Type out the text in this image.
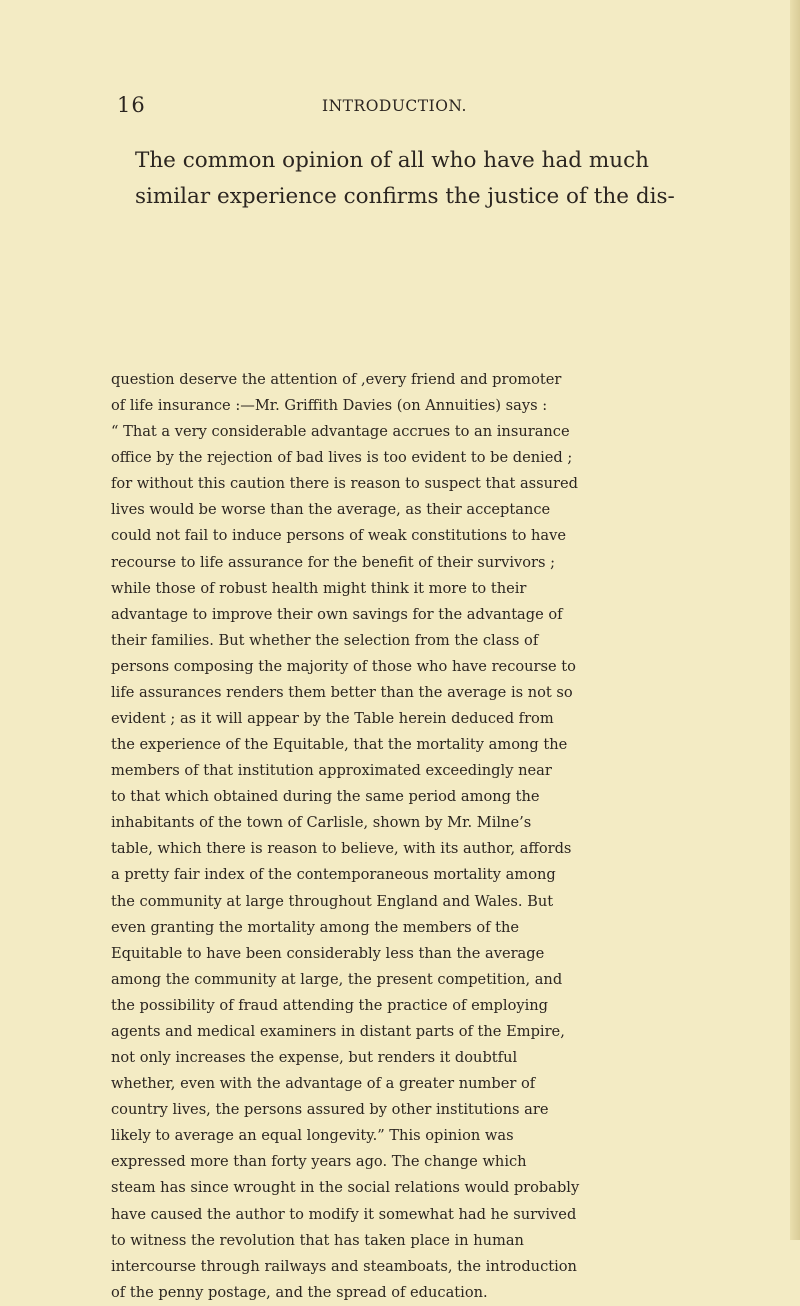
16	INTRODUCTION.
The common opinion of all who have had much
similar experience confirms the justice of the dis-
question deserve the attention of ,every friend and promoter
of life insurance :—Mr. Griffith Davies (on Annuities) says :
“ That a very considerable advantage accrues to an insurance
office by the rejection of bad lives is too evident to be denied ;
for without this caution there is reason to suspect that assured
lives would be worse than the average, as their acceptance
could not fail to induce persons of weak constitutions to have
recourse to life assurance for the benefit of their survivors ;
while those of robust health might think it more to their
advantage to improve their own savings for the advantage of
their families. But whether the selection from the class of
persons composing the majority of those who have recourse to
life assurances renders them better than the average is not so
evident ; as it will appear by the Table herein deduced from
the experience of the Equitable, that the mortality among the
members of that institution approximated exceedingly near
to that which obtained during the same period among the
inhabitants of the town of Carlisle, shown by Mr. Milne’s
table, which there is reason to believe, with its author, affords
a pretty fair index of the contemporaneous mortality among
the community at large throughout England and Wales. But
even granting the mortality among the members of the
Equitable to have been considerably less than the average
among the community at large, the present competition, and
the possibility of fraud attending the practice of employing
agents and medical examiners in distant parts of the Empire,
not only increases the expense, but renders it doubtful
whether, even with the advantage of a greater number of
country lives, the persons assured by other institutions are
likely to average an equal longevity.” This opinion was
expressed more than forty years ago. The change which
steam has since wrought in the social relations would probably
have caused the author to modify it somewhat had he survived
to witness the revolution that has taken place in human
intercourse through railways and steamboats, the introduction
of the penny postage, and the spread of education.
